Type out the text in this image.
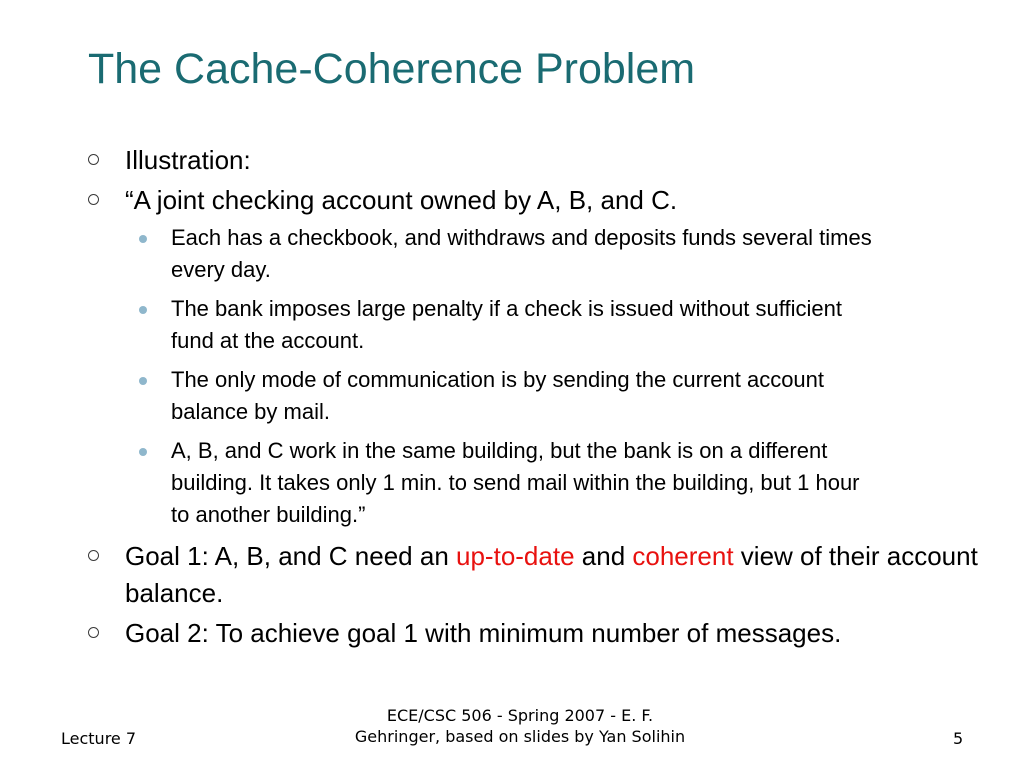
The Cache-Coherence Problem
Illustration:
“A joint checking account owned by A, B, and C.
Each has a checkbook, and withdraws and deposits funds several times every day.
The bank imposes large penalty if a check is issued without sufficient fund at the account.
The only mode of communication is by sending the current account balance by mail.
A, B, and C work in the same building, but the bank is on a different building. It takes only 1 min. to send mail within the building, but 1 hour to another building.”
Goal 1: A, B, and C need an up-to-date and coherent view of their account balance.
Goal 2: To achieve goal 1 with minimum number of messages.
Lecture 7
ECE/CSC 506 - Spring 2007 - E. F.
Gehringer, based on slides by Yan Solihin	5
